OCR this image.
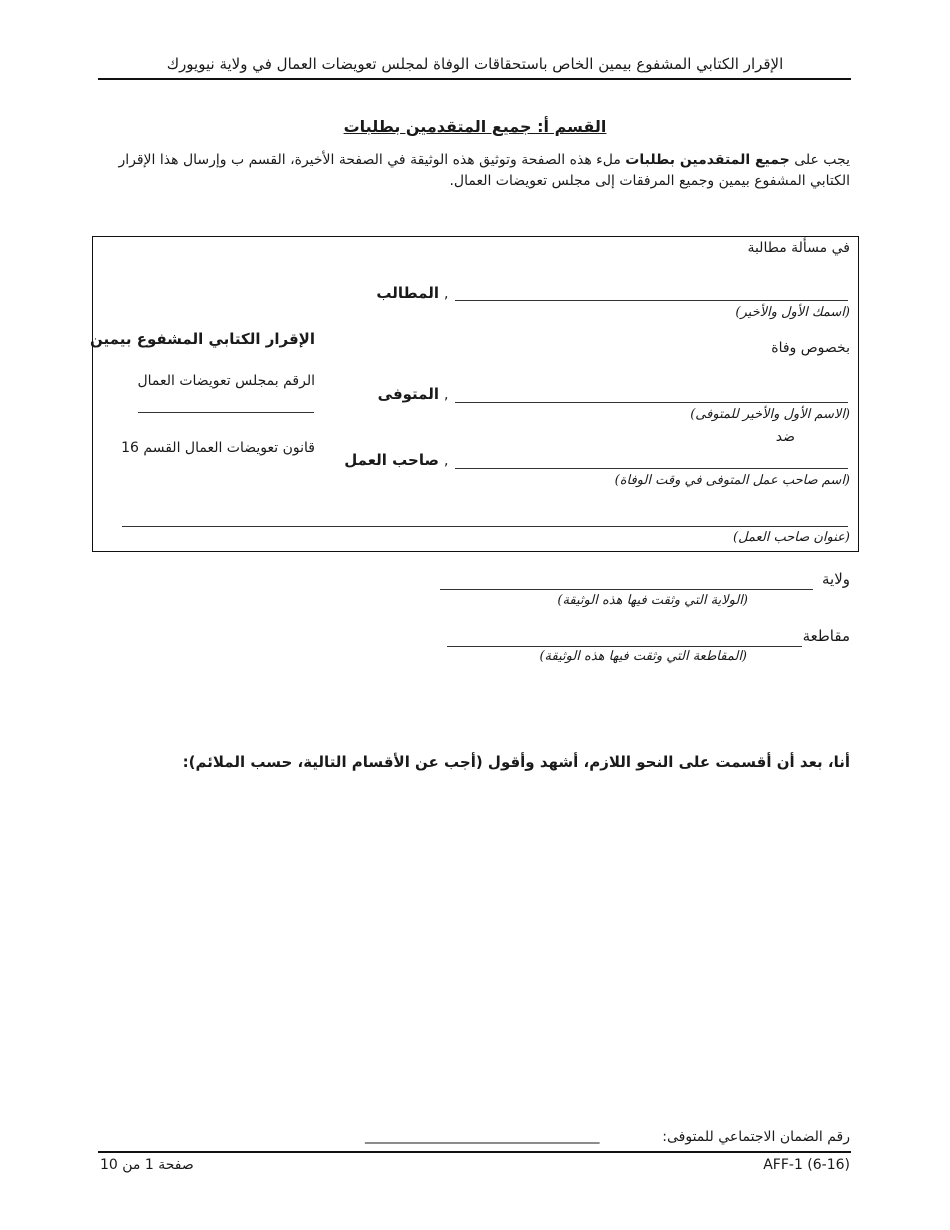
الإقرار الكتابي المشفوع بيمين الخاص باستحقاقات الوفاة لمجلس تعويضات العمال في ولاية نيويورك
القسم أ: جميع المتقدمين بطلبات
يجب على جميع المتقدمين بطلبات ملء هذه الصفحة وتوثيق هذه الوثيقة في الصفحة الأخيرة، القسم ب وإرسال هذا الإقرار
الكتابي المشفوع بيمين وجميع المرفقات إلى مجلس تعويضات العمال.
في مسألة مطالبة
المطالب ,
(اسمك الأول والأخير)
الإقرار الكتابي المشفوع بيمين
الرقم بمجلس تعويضات العمال
قانون تعويضات العمال القسم 16
بخصوص وفاة
المتوفى ,
(الاسم الأول والأخير للمتوفى)
ضد
صاحب العمل ,
(اسم صاحب عمل المتوفى في وقت الوفاة)
(عنوان صاحب العمل)
ولاية
(الولاية التي وثقت فيها هذه الوثيقة)
مقاطعة
(المقاطعة التي وثقت فيها هذه الوثيقة)
أنا، بعد أن أقسمت على النحو اللازم، أشهد وأقول (أجب عن الأقسام التالية، حسب الملائم):
رقم الضمان الاجتماعي للمتوفى:
____________________________________
AFF-1 (6-16)
صفحة 1 من 10
